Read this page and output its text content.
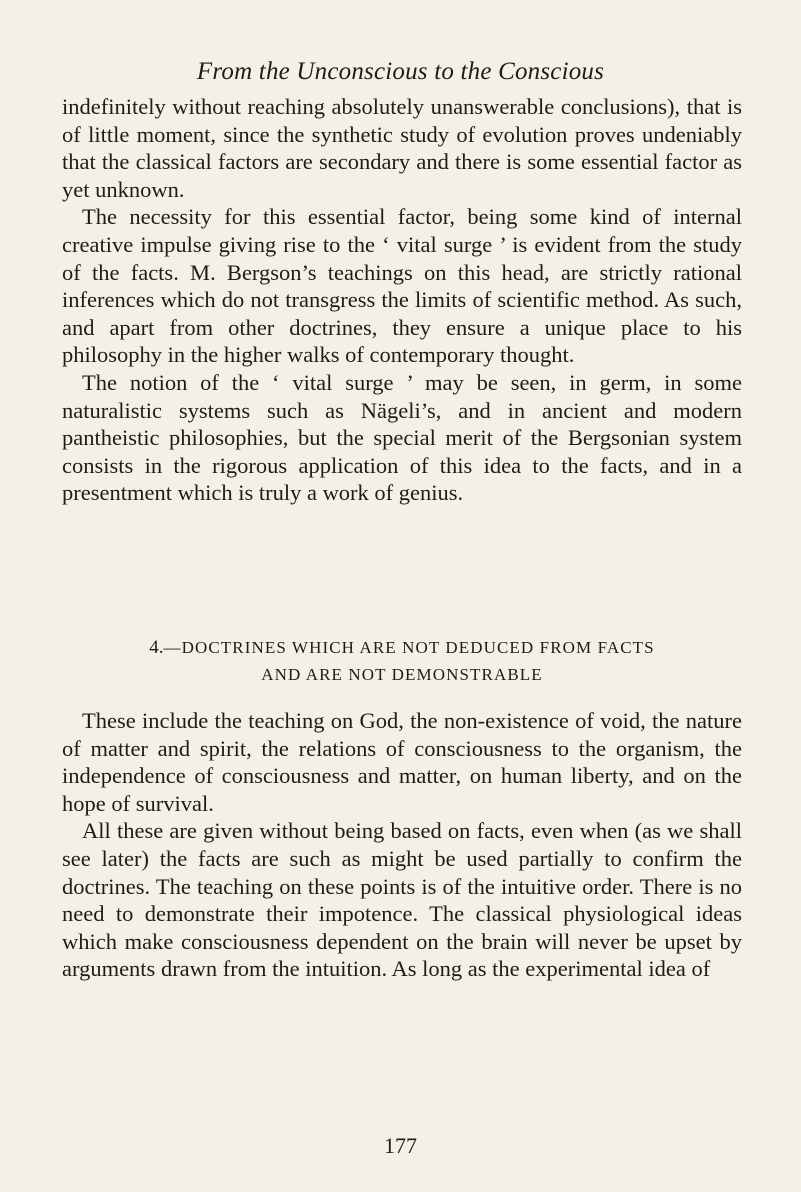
From the Unconscious to the Conscious

indefinitely without reaching absolutely unanswerable conclusions), that is of little moment, since the synthetic study of evolution proves undeniably that the classical factors are secondary and there is some essential factor as yet unknown.

The necessity for this essential factor, being some kind of internal creative impulse giving rise to the ‘ vital surge ’ is evident from the study of the facts. M. Bergson’s teachings on this head, are strictly rational inferences which do not transgress the limits of scientific method. As such, and apart from other doctrines, they ensure a unique place to his philosophy in the higher walks of contemporary thought.

The notion of the ‘ vital surge ’ may be seen, in germ, in some naturalistic systems such as Nägeli’s, and in ancient and modern pantheistic philosophies, but the special merit of the Bergsonian system consists in the rigorous application of this idea to the facts, and in a presentment which is truly a work of genius.

4.—DOCTRINES WHICH ARE NOT DEDUCED FROM FACTS
AND ARE NOT DEMONSTRABLE

These include the teaching on God, the non-existence of void, the nature of matter and spirit, the relations of consciousness to the organism, the independence of consciousness and matter, on human liberty, and on the hope of survival.

All these are given without being based on facts, even when (as we shall see later) the facts are such as might be used partially to confirm the doctrines. The teaching on these points is of the intuitive order. There is no need to demonstrate their impotence. The classical physiological ideas which make consciousness dependent on the brain will never be upset by arguments drawn from the intuition. As long as the experimental idea of

177
